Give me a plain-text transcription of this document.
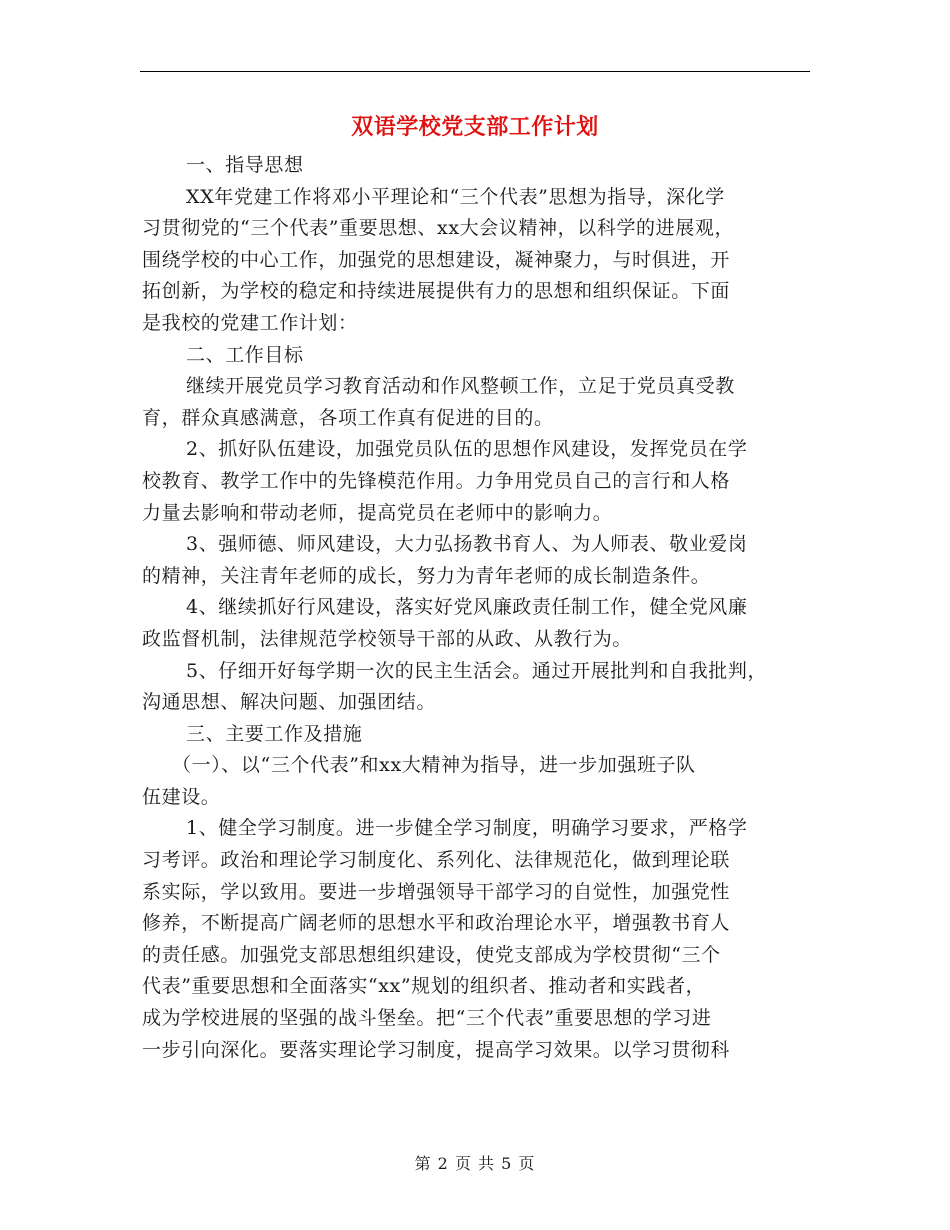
双语学校党支部工作计划
一、指导思想
XX年党建工作将邓小平理论和“三个代表”思想为指导，深化学
习贯彻党的“三个代表”重要思想、xx大会议精神，以科学的进展观，
围绕学校的中心工作，加强党的思想建设，凝神聚力，与时俱进，开
拓创新，为学校的稳定和持续进展提供有力的思想和组织保证。下面
是我校的党建工作计划：
二、工作目标
继续开展党员学习教育活动和作风整顿工作，立足于党员真受教
育，群众真感满意，各项工作真有促进的目的。
2、抓好队伍建设，加强党员队伍的思想作风建设，发挥党员在学
校教育、教学工作中的先锋模范作用。力争用党员自己的言行和人格
力量去影响和带动老师，提高党员在老师中的影响力。
3、强师德、师风建设，大力弘扬教书育人、为人师表、敬业爱岗
的精神，关注青年老师的成长，努力为青年老师的成长制造条件。
4、继续抓好行风建设，落实好党风廉政责任制工作，健全党风廉
政监督机制，法律规范学校领导干部的从政、从教行为。
5、仔细开好每学期一次的民主生活会。通过开展批判和自我批判，
沟通思想、解决问题、加强团结。
三、主要工作及措施
（一）、以“三个代表”和xx大精神为指导，进一步加强班子队
伍建设。
1、健全学习制度。进一步健全学习制度，明确学习要求，严格学
习考评。政治和理论学习制度化、系列化、法律规范化，做到理论联
系实际，学以致用。要进一步增强领导干部学习的自觉性，加强党性
修养，不断提高广阔老师的思想水平和政治理论水平，增强教书育人
的责任感。加强党支部思想组织建设，使党支部成为学校贯彻“三个
代表”重要思想和全面落实“xx”规划的组织者、推动者和实践者，
成为学校进展的坚强的战斗堡垒。把“三个代表”重要思想的学习进
一步引向深化。要落实理论学习制度，提高学习效果。以学习贯彻科
第 2 页 共 5 页
